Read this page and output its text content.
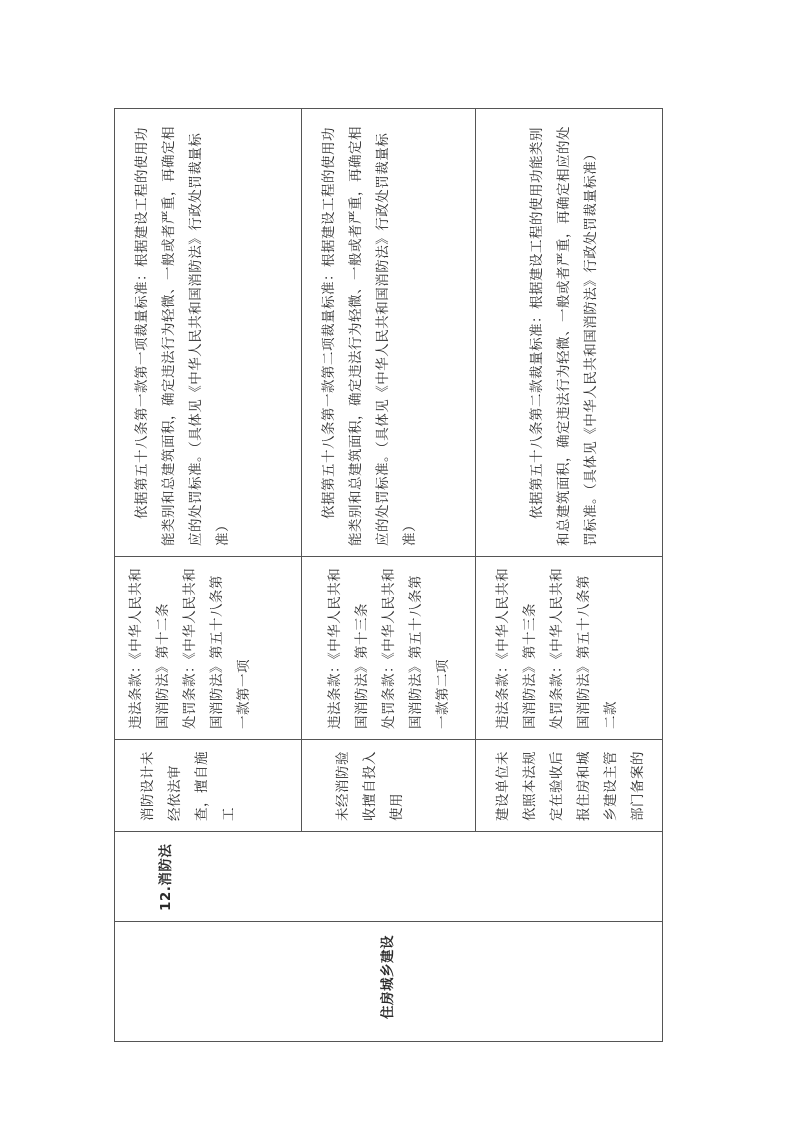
住房城乡建设	12.消防法	消防设计未经依法审查，擅自施工	违法条款：《中华人民共和国消防法》第十二条 处罚条款：《中华人民共和国消防法》第五十八条第一款第一项	依据第五十八条第一款第一项裁量标准：根据建设工程的使用功能类别和总建筑面积，确定违法行为轻微、一般或者严重，再确定相应的处罚标准。（具体见《中华人民共和国消防法》行政处罚裁量标准）
		未经消防验收擅自投入使用	违法条款：《中华人民共和国消防法》第十三条 处罚条款：《中华人民共和国消防法》第五十八条第一款第二项	依据第五十八条第一款第二项裁量标准：根据建设工程的使用功能类别和总建筑面积，确定违法行为轻微、一般或者严重，再确定相应的处罚标准。（具体见《中华人民共和国消防法》行政处罚裁量标准）
		建设单位未依照本法规定在验收后报住房和城乡建设主管部门备案的	违法条款：《中华人民共和国消防法》第十三条 处罚条款：《中华人民共和国消防法》第五十八条第二款	依据第五十八条第二款裁量标准：根据建设工程的使用功能类别和总建筑面积，确定违法行为轻微、一般或者严重，再确定相应的处罚标准。（具体见《中华人民共和国消防法》行政处罚裁量标准）
